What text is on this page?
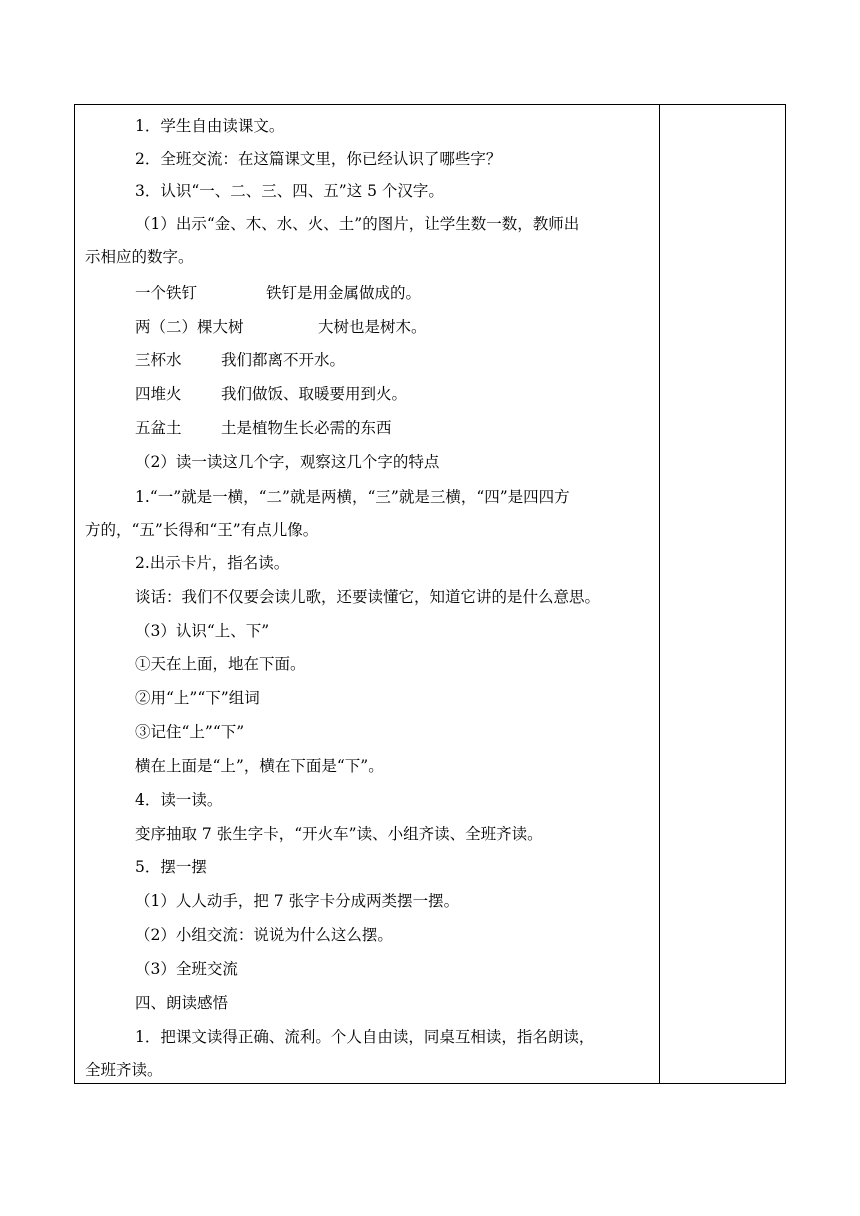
1．学生自由读课文。
2．全班交流：在这篇课文里，你已经认识了哪些字？
3．认识“一、二、三、四、五”这 5 个汉字。
（1）出示“金、木、水、火、土”的图片，让学生数一数，教师出
示相应的数字。
一个铁钉	铁钉是用金属做成的。
两（二）棵大树	大树也是树木。
三杯水	我们都离不开水。
四堆火	我们做饭、取暖要用到火。
五盆土	土是植物生长必需的东西
（2）读一读这几个字，观察这几个字的特点
1.“一”就是一横，“二”就是两横，“三”就是三横，“四”是四四方
方的，“五”长得和“王”有点儿像。
2.出示卡片，指名读。
谈话：我们不仅要会读儿歌，还要读懂它，知道它讲的是什么意思。
（3）认识“上、下”
①天在上面，地在下面。
②用“上”“下”组词
③记住“上”“下”
横在上面是“上”，横在下面是“下”。
4．读一读。
变序抽取 7 张生字卡，“开火车”读、小组齐读、全班齐读。
5．摆一摆
（1）人人动手，把 7 张字卡分成两类摆一摆。
（2）小组交流：说说为什么这么摆。
（3）全班交流
四、朗读感悟
1．把课文读得正确、流利。个人自由读，同桌互相读，指名朗读，
全班齐读。
